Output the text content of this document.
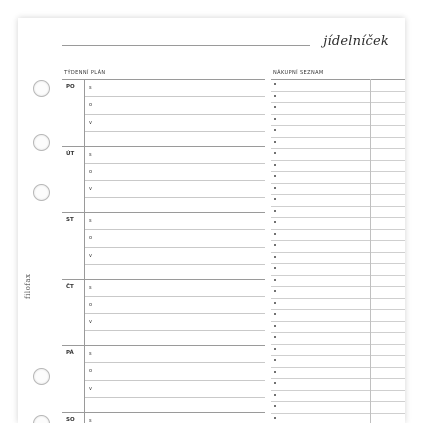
jídelníček
filofax
TÝDENNÍ PLÁN	NÁKUPNÍ SEZNAM
PO	s
o
v
ÚT	s
o
v
ST	s
o
v
ČT	s
o
v
PÁ	s
o
v
SO	s
